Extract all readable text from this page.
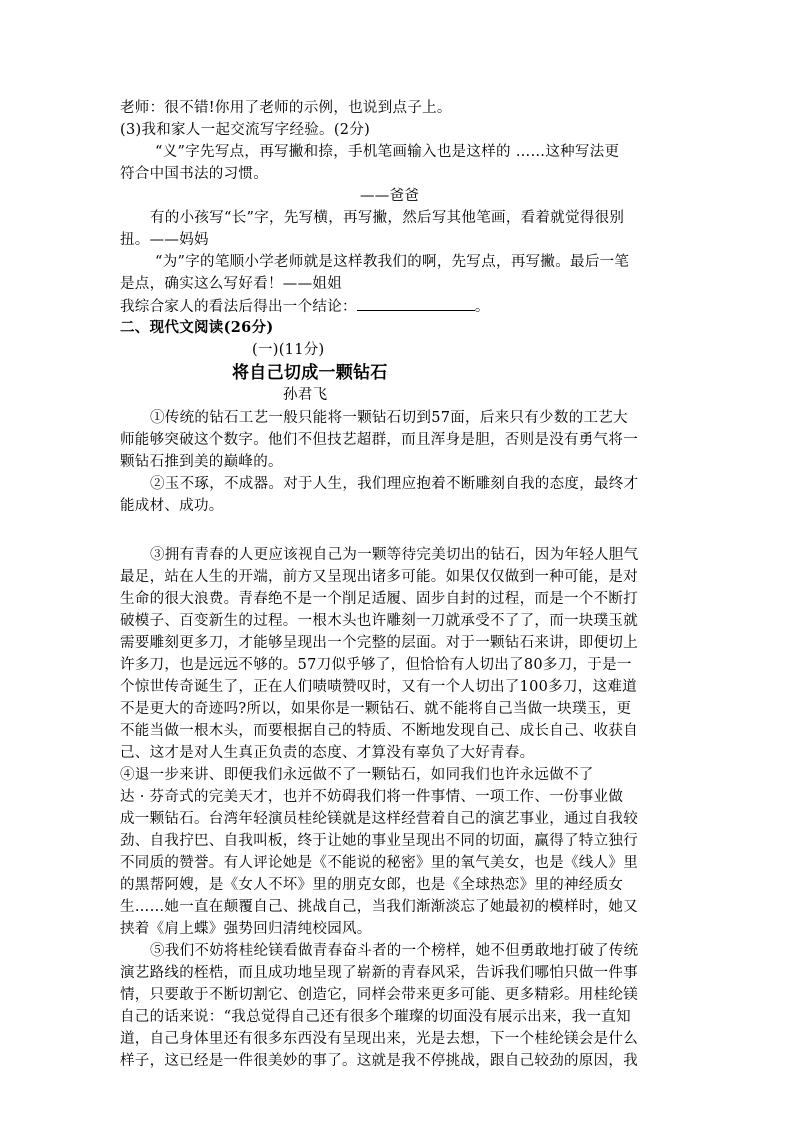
老师：很不错!你用了老师的示例，也说到点子上。
(3)我和家人一起交流写字经验。(2分)
“义”字先写点，再写撇和捺，手机笔画输入也是这样的 ……这种写法更
符合中国书法的习惯。
——爸爸
有的小孩写“长”字，先写横，再写撇，然后写其他笔画，看着就觉得很别
扭。——妈妈
“为”字的笔顺小学老师就是这样教我们的啊，先写点，再写撇。最后一笔
是点，确实这么写好看！——姐姐
我综合家人的看法后得出一个结论：	。
二、现代文阅读(26分)
(一)(11分)
将自己切成一颗钻石
孙君飞
①传统的钻石工艺一般只能将一颗钻石切到57面，后来只有少数的工艺大
师能够突破这个数字。他们不但技艺超群，而且浑身是胆，否则是没有勇气将一
颗钻石推到美的巅峰的。
②玉不琢，不成器。对于人生，我们理应抱着不断雕刻自我的态度，最终才
能成材、成功。
③拥有青春的人更应该视自己为一颗等待完美切出的钻石，因为年轻人胆气
最足，站在人生的开端，前方又呈现出诸多可能。如果仅仅做到一种可能，是对
生命的很大浪费。青春绝不是一个削足适履、固步自封的过程，而是一个不断打
破模子、百变新生的过程。一根木头也许雕刻一刀就承受不了了，而一块璞玉就
需要雕刻更多刀，才能够呈现出一个完整的层面。对于一颗钻石来讲，即便切上
许多刀，也是远远不够的。57刀似乎够了，但恰恰有人切出了80多刀，于是一
个惊世传奇诞生了，正在人们啧啧赞叹时，又有一个人切出了100多刀，这难道
不是更大的奇迹吗?所以，如果你是一颗钻石、就不能将自己当做一块璞玉，更
不能当做一根木头，而要根据自己的特质、不断地发现自己、成长自己、收获自
己、这才是对人生真正负责的态度、才算没有辜负了大好青春。
④退一步来讲、即便我们永远做不了一颗钻石，如同我们也许永远做不了
达 · 芬奇式的完美天才，也并不妨碍我们将一件事情、一项工作、一份事业做
成一颗钻石。台湾年轻演员桂纶镁就是这样经营着自己的演艺事业，通过自我较
劲、自我拧巴、自我叫板，终于让她的事业呈现出不同的切面，赢得了特立独行
不同质的赞誉。有人评论她是《不能说的秘密》里的氧气美女，也是《线人》里
的黑帮阿嫂，是《女人不坏》里的朋克女郎，也是《全球热恋》里的神经质女
生……她一直在颠覆自己、挑战自己，当我们渐渐淡忘了她最初的模样时，她又
挟着《肩上蝶》强势回归清纯校园风。
⑤我们不妨将桂纶镁看做青春奋斗者的一个榜样，她不但勇敢地打破了传统
演艺路线的桎梏，而且成功地呈现了崭新的青春风采，告诉我们哪怕只做一件事
情，只要敢于不断切割它、创造它，同样会带来更多可能、更多精彩。用桂纶镁
自己的话来说：“我总觉得自己还有很多个璀璨的切面没有展示出来，我一直知
道，自己身体里还有很多东西没有呈现出来，光是去想，下一个桂纶镁会是什么
样子，这已经是一件很美妙的事了。这就是我不停挑战，跟自己较劲的原因，我
